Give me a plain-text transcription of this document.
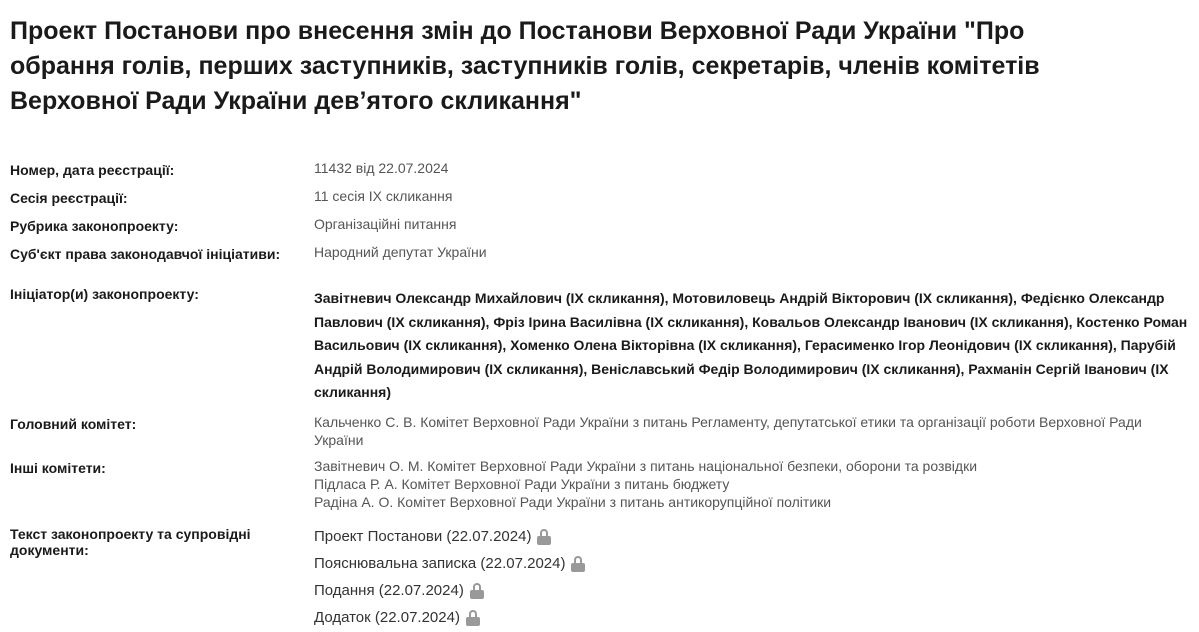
Проект Постанови про внесення змін до Постанови Верховної Ради України "Про обрання голів, перших заступників, заступників голів, секретарів, членів комітетів Верховної Ради України дев’ятого скликання"
Номер, дата реєстрації:	11432 від 22.07.2024
Сесія реєстрації:	11 сесія IX скликання
Рубрика законопроекту:	Організаційні питання
Суб'єкт права законодавчої ініціативи:	Народний депутат України
Ініціатор(и) законопроекту:	Завітневич Олександр Михайлович (IX скликання), Мотовиловець Андрій Вікторович (IX скликання), Федієнко Олександр Павлович (IX скликання), Фріз Ірина Василівна (IX скликання), Ковальов Олександр Іванович (IX скликання), Костенко Роман Васильович (IX скликання), Хоменко Олена Вікторівна (IX скликання), Герасименко Ігор Леонідович (IX скликання), Парубій Андрій Володимирович (IX скликання), Веніславський Федір Володимирович (IX скликання), Рахманін Сергій Іванович (IX скликання)
Головний комітет:	Кальченко С. В. Комітет Верховної Ради України з питань Регламенту, депутатської етики та організації роботи Верховної Ради України
Інші комітети:	Завітневич О. М. Комітет Верховної Ради України з питань національної безпеки, оборони та розвідки
Підласа Р. А. Комітет Верховної Ради України з питань бюджету
Радіна А. О. Комітет Верховної Ради України з питань антикорупційної політики
Текст законопроекту та супровідні документи:
Проект Постанови (22.07.2024)
Пояснювальна записка (22.07.2024)
Подання (22.07.2024)
Додаток (22.07.2024)
